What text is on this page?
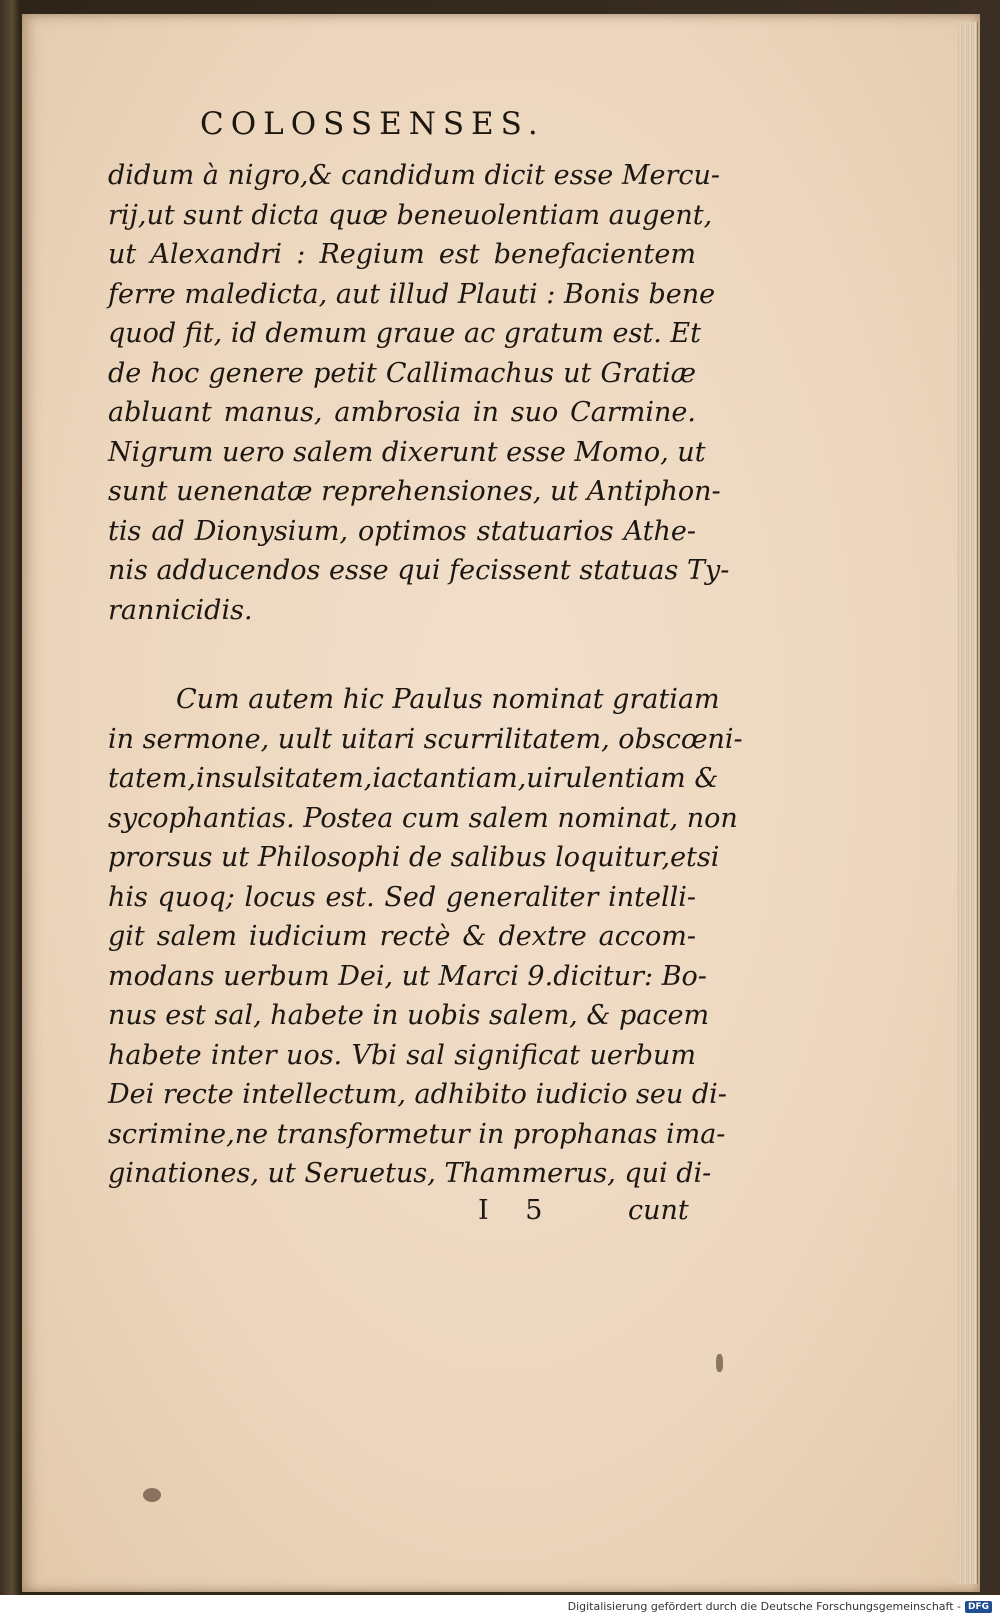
COLOSSENSES.
didum à nigro,& candidum dicit esse Mercu-
rij,ut sunt dicta quæ beneuolentiam augent,
ut Alexandri : Regium est benefacientem
ferre maledicta, aut illud Plauti : Bonis bene
quod fit, id demum graue ac gratum est. Et
de hoc genere petit Callimachus ut Gratiæ
abluant manus, ambrosia in suo Carmine.
Nigrum uero salem dixerunt esse Momo, ut
sunt uenenatæ reprehensiones, ut Antiphon-
tis ad Dionysium, optimos statuarios Athe-
nis adducendos esse qui fecissent statuas Ty-
rannicidis.
Cum autem hic Paulus nominat gratiam
in sermone, uult uitari scurrilitatem, obscœni-
tatem,insulsitatem,iactantiam,uirulentiam &
sycophantias. Postea cum salem nominat, non
prorsus ut Philosophi de salibus loquitur,etsi
his quoq; locus est. Sed generaliter intelli-
git salem iudicium rectè & dextre accom-
modans uerbum Dei, ut Marci 9.dicitur: Bo-
nus est sal, habete in uobis salem, & pacem
habete inter uos. Vbi sal significat uerbum
Dei recte intellectum, adhibito iudicio seu di-
scrimine,ne transformetur in prophanas ima-
ginationes, ut Seruetus, Thammerus, qui di-
I 5	cunt
Digitalisierung gefördert durch die Deutsche Forschungsgemeinschaft - DFG
